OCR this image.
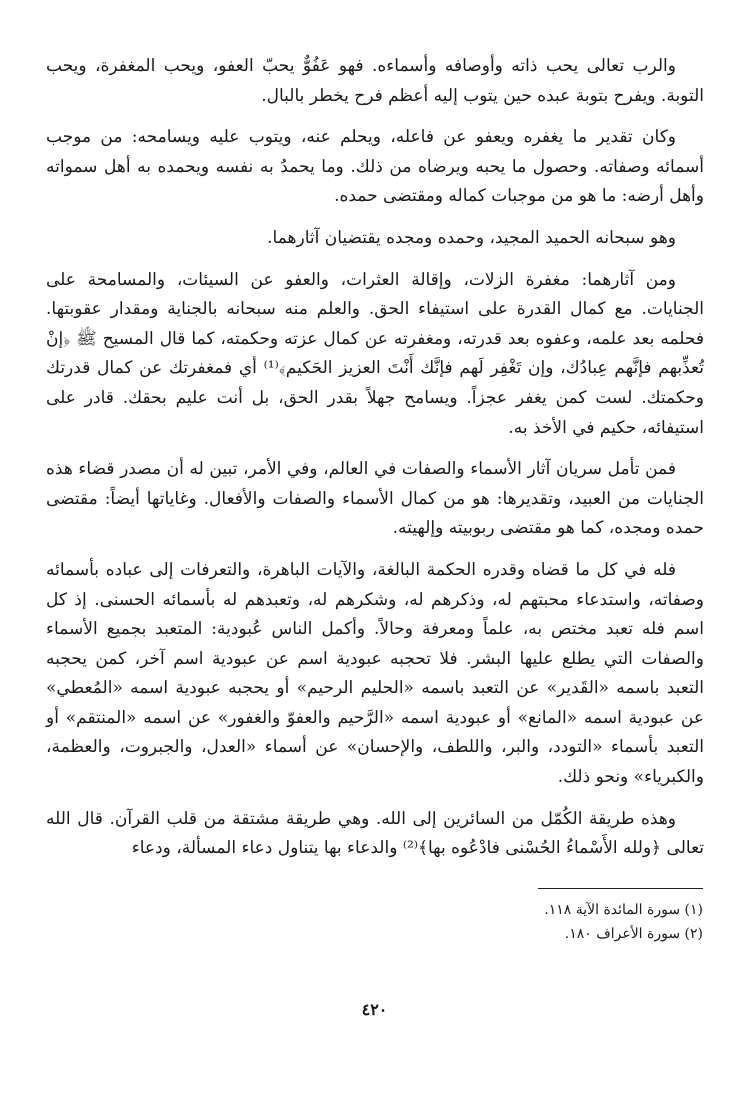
والرب تعالى يحب ذاته وأوصافه وأسماءه. فهو عَفُوٌّ يحبّ العفو، ويحب المغفرة، ويحب التوبة. ويفرح بتوبة عبده حين يتوب إليه أعظم فرح يخطر بالبال.

وكان تقدير ما يغفره ويعفو عن فاعله، ويحلم عنه، ويتوب عليه ويسامحه: من موجب أسمائه وصفاته. وحصول ما يحبه ويرضاه من ذلك. وما يحمدُ به نفسه ويحمده به أهل سمواته وأهل أرضه: ما هو من موجبات كماله ومقتضى حمده.

وهو سبحانه الحميد المجيد، وحمده ومجده يقتضيان آثارهما.

ومن آثارهما: مغفرة الزلات، وإقالة العثرات، والعفو عن السيئات، والمسامحة على الجنايات. مع كمال القدرة على استيفاء الحق. والعلم منه سبحانه بالجناية ومقدار عقوبتها. فحلمه بعد علمه، وعفوه بعد قدرته، ومغفرته عن كمال عزته وحكمته، كما قال المسيح ﷺ ﴿إنْ تُعذِّبهم فإنَّهم عِبادُك، وإن تَغْفِر لَهم فإنَّك أَنْتَ العزيز الحَكيم﴾⁽¹⁾ أي فمغفرتك عن كمال قدرتك وحكمتك. لست كمن يغفر عجزاً. ويسامح جهلاً بقدر الحق، بل أنت عليم بحقك. قادر على استيفائه، حكيم في الأخذ به.

فمن تأمل سريان آثار الأسماء والصفات في العالم، وفي الأمر، تبين له أن مصدر قضاء هذه الجنايات من العبيد، وتقديرها: هو من كمال الأسماء والصفات والأفعال. وغاياتها أيضاً: مقتضى حمده ومجده، كما هو مقتضى ربوبيته وإلهيته.

فله في كل ما قضاه وقدره الحكمة البالغة، والآيات الباهرة، والتعرفات إلى عباده بأسمائه وصفاته، واستدعاء محبتهم له، وذكرهم له، وشكرهم له، وتعبدهم له بأسمائه الحسنى. إذ كل اسم فله تعبد مختص به، علماً ومعرفة وحالاً. وأكمل الناس عُبودية: المتعبد بجميع الأسماء والصفات التي يطلع عليها البشر. فلا تحجبه عبودية اسم عن عبودية اسم آخر، كمن يحجبه التعبد باسمه «القَدير» عن التعبد باسمه «الحليم الرحيم» أو يحجبه عبودية اسمه «المُعطي» عن عبودية اسمه «المانع» أو عبودية اسمه «الرَّحيم والعفوّ والغفور» عن اسمه «المنتقم» أو التعبد بأسماء «التودد، والبر، واللطف، والإحسان» عن أسماء «العدل، والجبروت، والعظمة، والكبرياء» ونحو ذلك.

وهذه طريقة الكُمّل من السائرين إلى الله. وهي طريقة مشتقة من قلب القرآن. قال الله تعالى ﴿ولله الأَسْماءُ الحُسْنى فادْعُوه بها﴾⁽²⁾ والدعاء بها يتناول دعاء المسألة، ودعاء

(١) سورة المائدة الآية ١١٨.
(٢) سورة الأعراف ١٨٠.
٤٢٠
